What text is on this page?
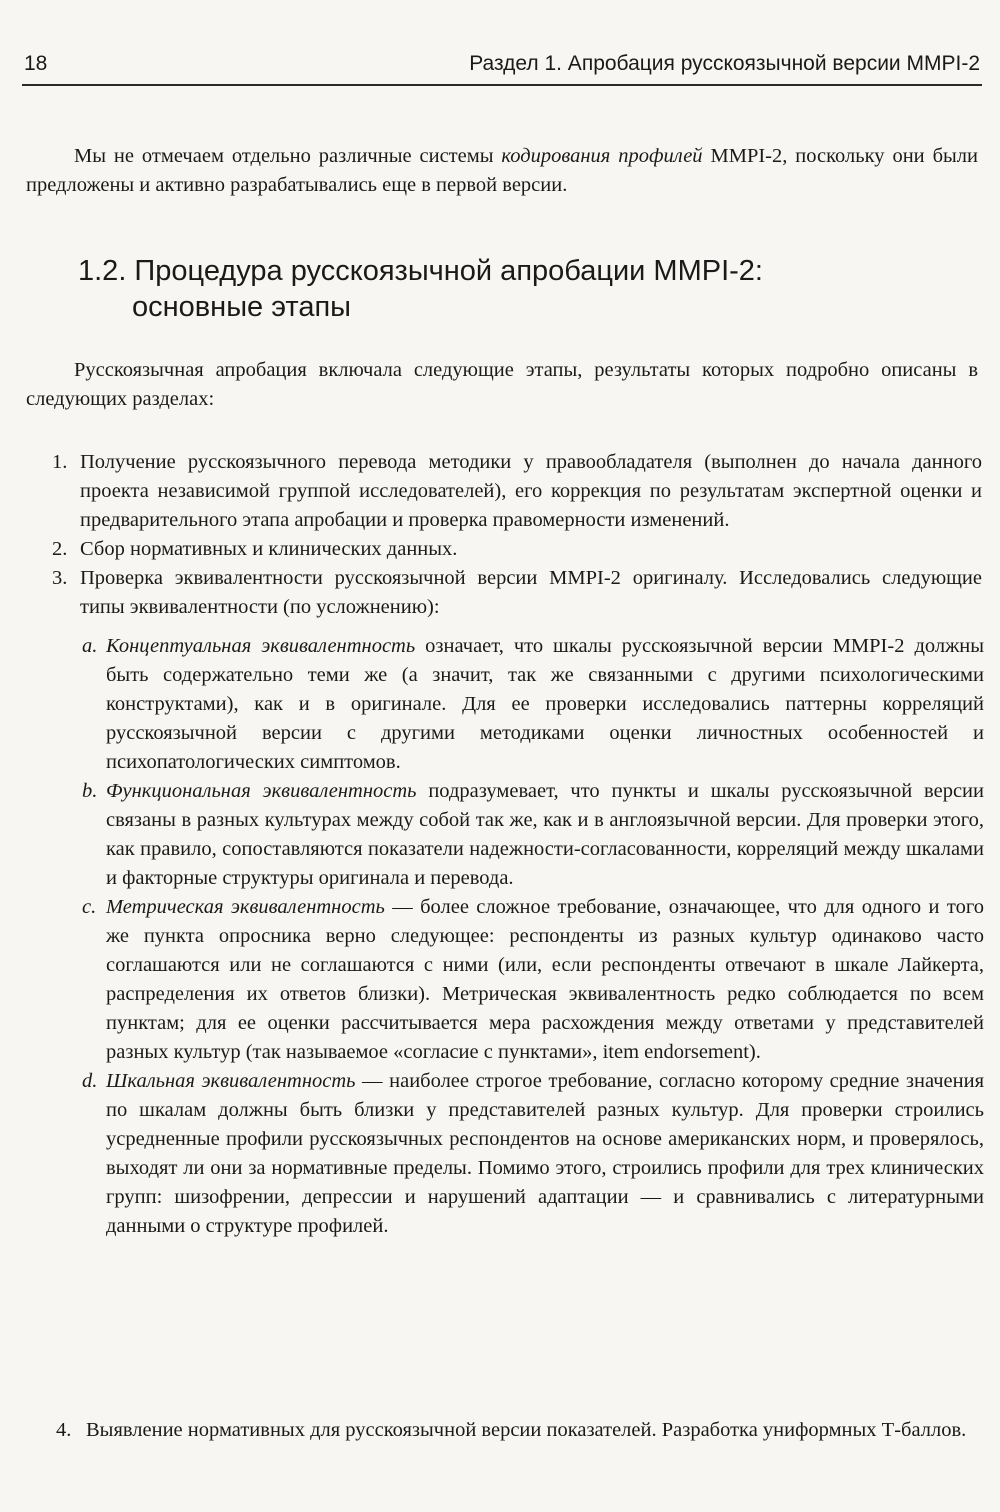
18	Раздел 1. Апробация русскоязычной версии MMPI-2

Мы не отмечаем отдельно различные системы кодирования профилей MMPI-2, поскольку они были предложены и активно разрабатывались еще в первой версии.

1.2. Процедура русскоязычной апробации MMPI-2:
основные этапы

Русскоязычная апробация включала следующие этапы, результаты которых подробно описаны в следующих разделах:

1. Получение русскоязычного перевода методики у правообладателя (выполнен до начала данного проекта независимой группой исследователей), его коррекция по результатам экспертной оценки и предварительного этапа апробации и проверка правомерности изменений.
2. Сбор нормативных и клинических данных.
3. Проверка эквивалентности русскоязычной версии MMPI-2 оригиналу. Исследовались следующие типы эквивалентности (по усложнению):
a. Концептуальная эквивалентность означает, что шкалы русскоязычной версии MMPI-2 должны быть содержательно теми же (а значит, так же связанными с другими психологическими конструктами), как и в оригинале. Для ее проверки исследовались паттерны корреляций русскоязычной версии с другими методиками оценки личностных особенностей и психопатологических симптомов.
b. Функциональная эквивалентность подразумевает, что пункты и шкалы русскоязычной версии связаны в разных культурах между собой так же, как и в англоязычной версии. Для проверки этого, как правило, сопоставляются показатели надежности-согласованности, корреляций между шкалами и факторные структуры оригинала и перевода.
c. Метрическая эквивалентность — более сложное требование, означающее, что для одного и того же пункта опросника верно следующее: респонденты из разных культур одинаково часто соглашаются или не соглашаются с ними (или, если респонденты отвечают в шкале Лайкерта, распределения их ответов близки). Метрическая эквивалентность редко соблюдается по всем пунктам; для ее оценки рассчитывается мера расхождения между ответами у представителей разных культур (так называемое «согласие с пунктами», item endorsement).
d. Шкальная эквивалентность — наиболее строгое требование, согласно которому средние значения по шкалам должны быть близки у представителей разных культур. Для проверки строились усредненные профили русскоязычных респондентов на основе американских норм, и проверялось, выходят ли они за нормативные пределы. Помимо этого, строились профили для трех клинических групп: шизофрении, депрессии и нарушений адаптации — и сравнивались с литературными данными о структуре профилей.
4. Выявление нормативных для русскоязычной версии показателей. Разработка униформных Т-баллов.
